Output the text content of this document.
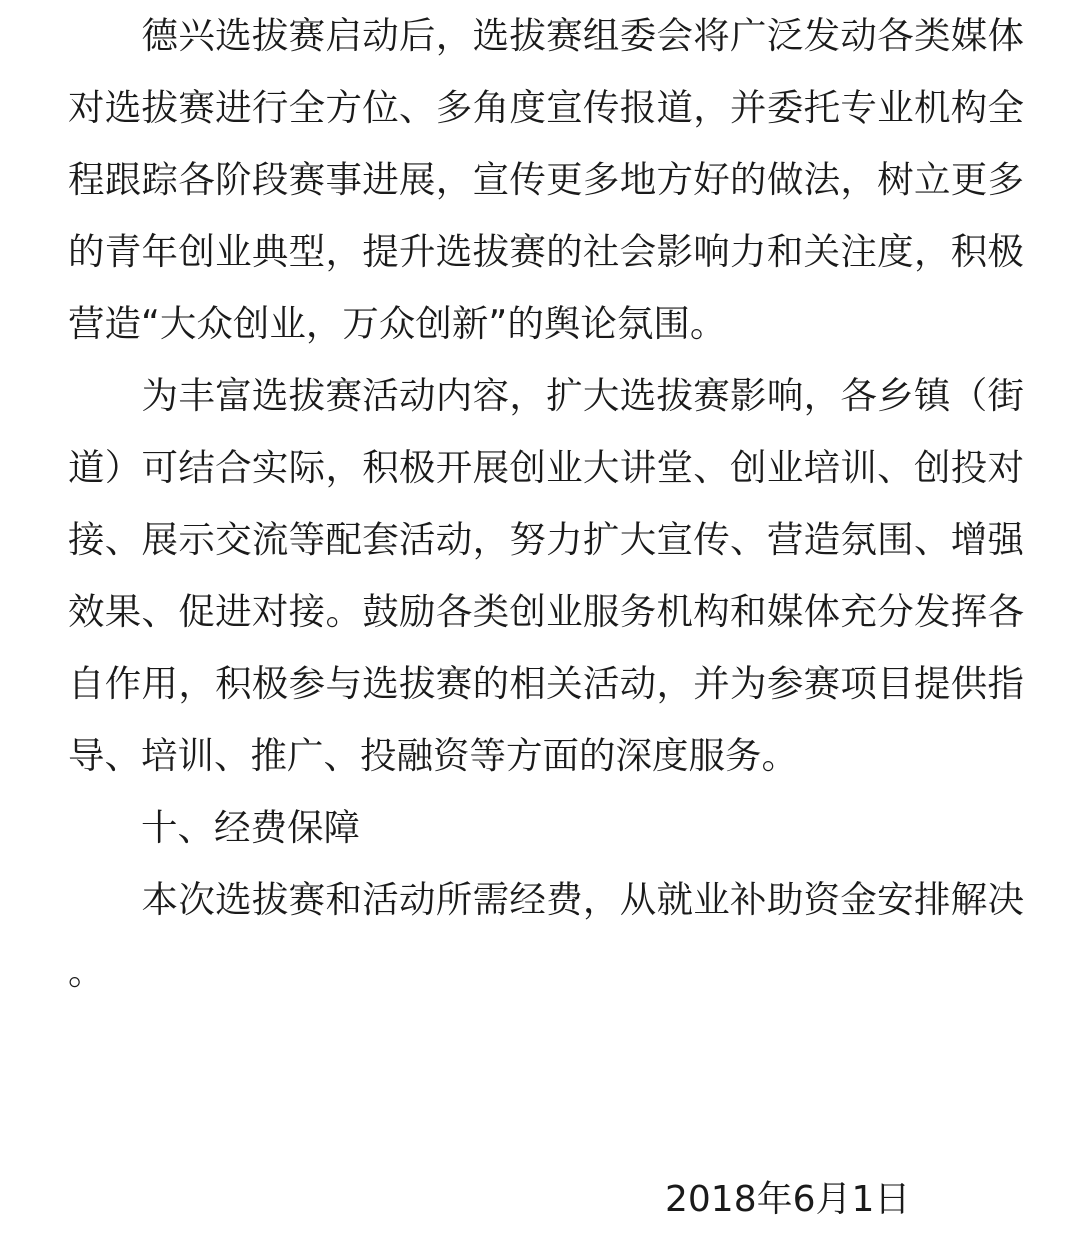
　　德兴选拔赛启动后，选拔赛组委会将广泛发动各类媒体
对选拔赛进行全方位、多角度宣传报道，并委托专业机构全
程跟踪各阶段赛事进展，宣传更多地方好的做法，树立更多
的青年创业典型，提升选拔赛的社会影响力和关注度，积极
营造“大众创业，万众创新”的舆论氛围。
　　为丰富选拔赛活动内容，扩大选拔赛影响，各乡镇（街
道）可结合实际，积极开展创业大讲堂、创业培训、创投对
接、展示交流等配套活动，努力扩大宣传、营造氛围、增强
效果、促进对接。鼓励各类创业服务机构和媒体充分发挥各
自作用，积极参与选拔赛的相关活动，并为参赛项目提供指
导、培训、推广、投融资等方面的深度服务。
　　十、经费保障
　　本次选拔赛和活动所需经费，从就业补助资金安排解决
。
2018年6月1日
